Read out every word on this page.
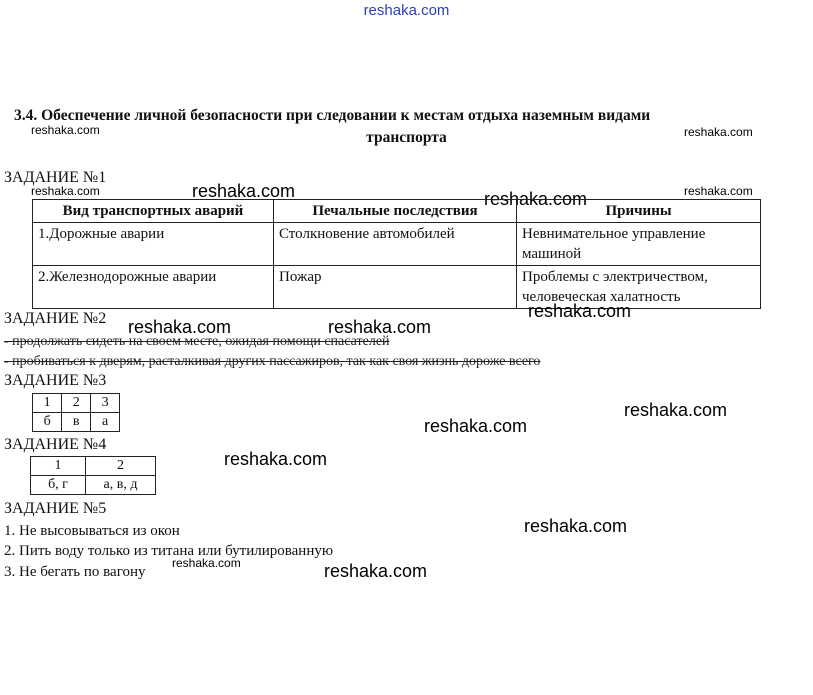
reshaka.com
3.4. Обеспечение личной безопасности при следовании к местам отдыха наземным видами
транспорта
reshaka.com	reshaka.com
ЗАДАНИЕ №1
reshaka.com	reshaka.com	reshaka.com	reshaka.com
Вид транспортных аварий	Печальные последствия	Причины
1.Дорожные аварии	Столкновение автомобилей	Невнимательное управление машиной
2.Железнодорожные аварии	Пожар	Проблемы с электричеством, человеческая халатность
reshaka.com
ЗАДАНИЕ №2 reshaka.com	reshaka.com
- продолжать сидеть на своем месте, ожидая помощи спасателей
- пробиваться к дверям, расталкивая других пассажиров, так как своя жизнь дороже всего
ЗАДАНИЕ №3
1	2	3
б	в	а
reshaka.com
reshaka.com
ЗАДАНИЕ №4
reshaka.com
1	2
б, г	а, в, д
ЗАДАНИЕ №5
reshaka.com
1. Не высовываться из окон
2. Пить воду только из титана или бутилированную
reshaka.com
3. Не бегать по вагону	reshaka.com
